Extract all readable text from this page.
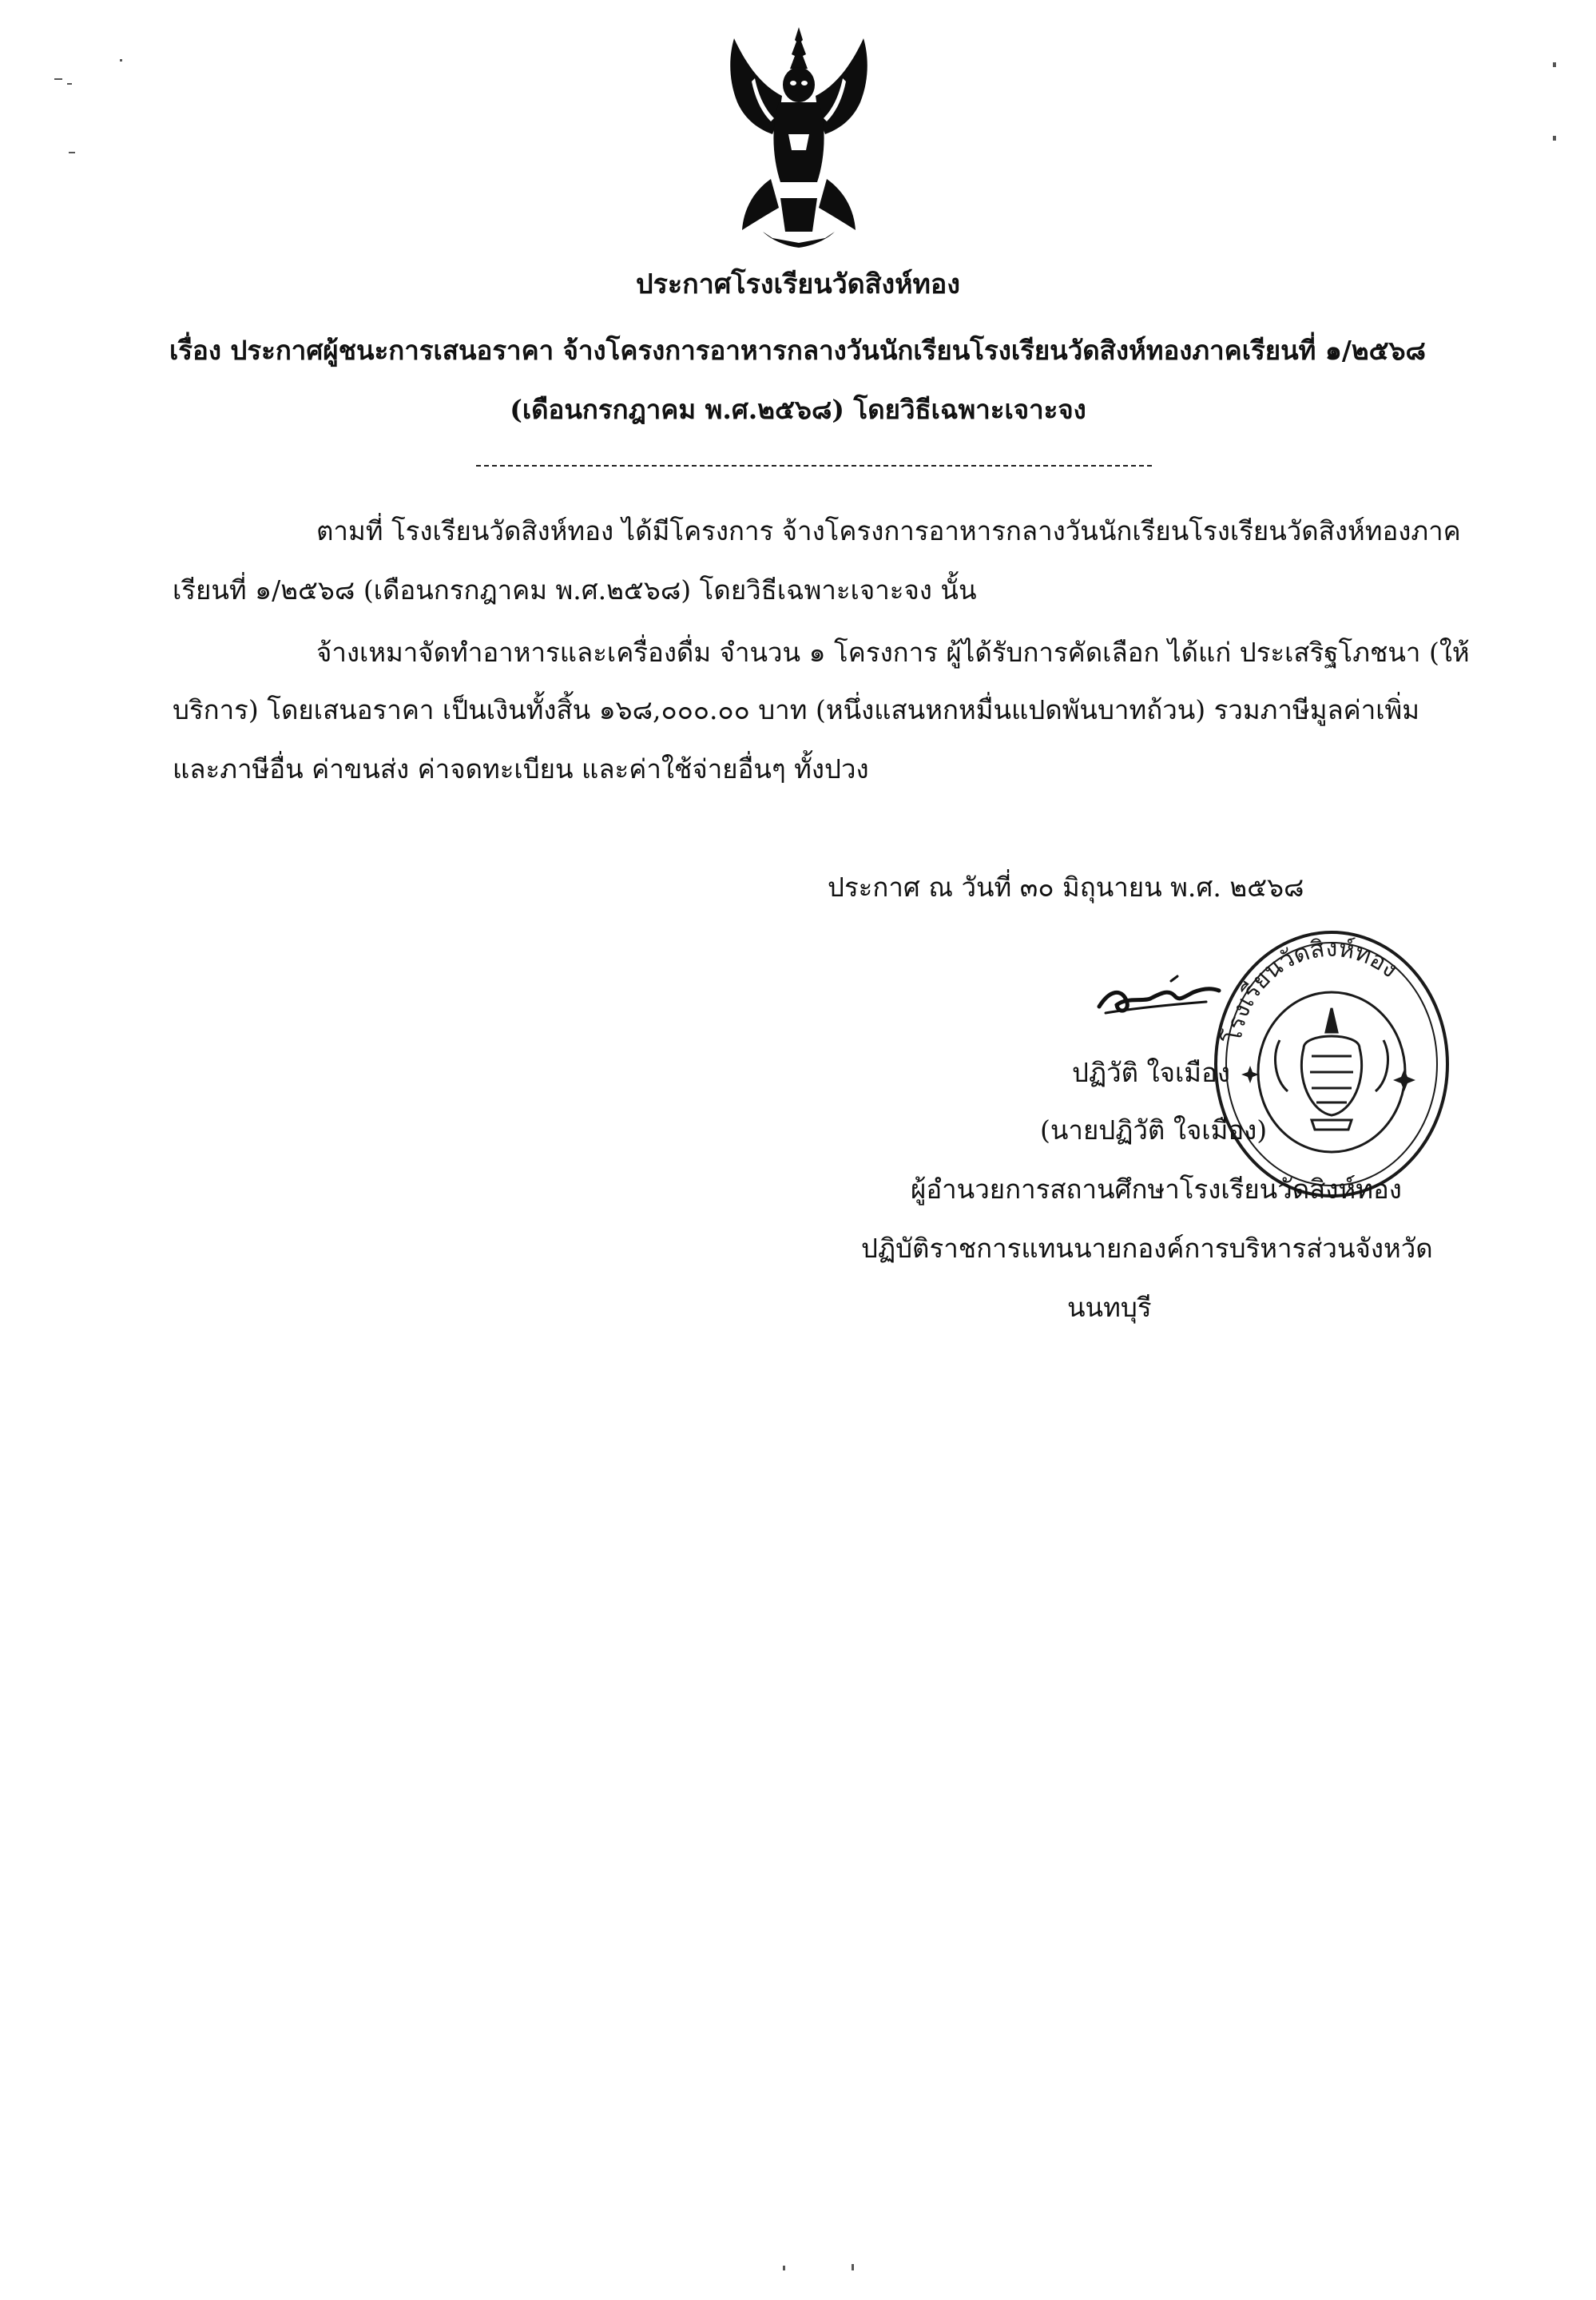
ประกาศโรงเรียนวัดสิงห์ทอง
เรื่อง ประกาศผู้ชนะการเสนอราคา จ้างโครงการอาหารกลางวันนักเรียนโรงเรียนวัดสิงห์ทองภาคเรียนที่ ๑/๒๕๖๘
(เดือนกรกฎาคม พ.ศ.๒๕๖๘) โดยวิธีเฉพาะเจาะจง
ตามที่ โรงเรียนวัดสิงห์ทอง ได้มีโครงการ จ้างโครงการอาหารกลางวันนักเรียนโรงเรียนวัดสิงห์ทองภาค
เรียนที่ ๑/๒๕๖๘ (เดือนกรกฎาคม พ.ศ.๒๕๖๘) โดยวิธีเฉพาะเจาะจง นั้น
จ้างเหมาจัดทำอาหารและเครื่องดื่ม จำนวน ๑ โครงการ ผู้ได้รับการคัดเลือก ได้แก่ ประเสริฐโภชนา (ให้
บริการ) โดยเสนอราคา เป็นเงินทั้งสิ้น ๑๖๘,๐๐๐.๐๐ บาท (หนึ่งแสนหกหมื่นแปดพันบาทถ้วน) รวมภาษีมูลค่าเพิ่ม
และภาษีอื่น ค่าขนส่ง ค่าจดทะเบียน และค่าใช้จ่ายอื่นๆ ทั้งปวง
ประกาศ ณ วันที่ ๓๐ มิถุนายน พ.ศ. ๒๕๖๘
โรงเรียนวัดสิงห์ทอง
ปฏิวัติ ใจเมือง
(นายปฏิวัติ ใจเมือง)
ผู้อำนวยการสถานศึกษาโรงเรียนวัดสิงห์ทอง
ปฏิบัติราชการแทนนายกองค์การบริหารส่วนจังหวัด
นนทบุรี
